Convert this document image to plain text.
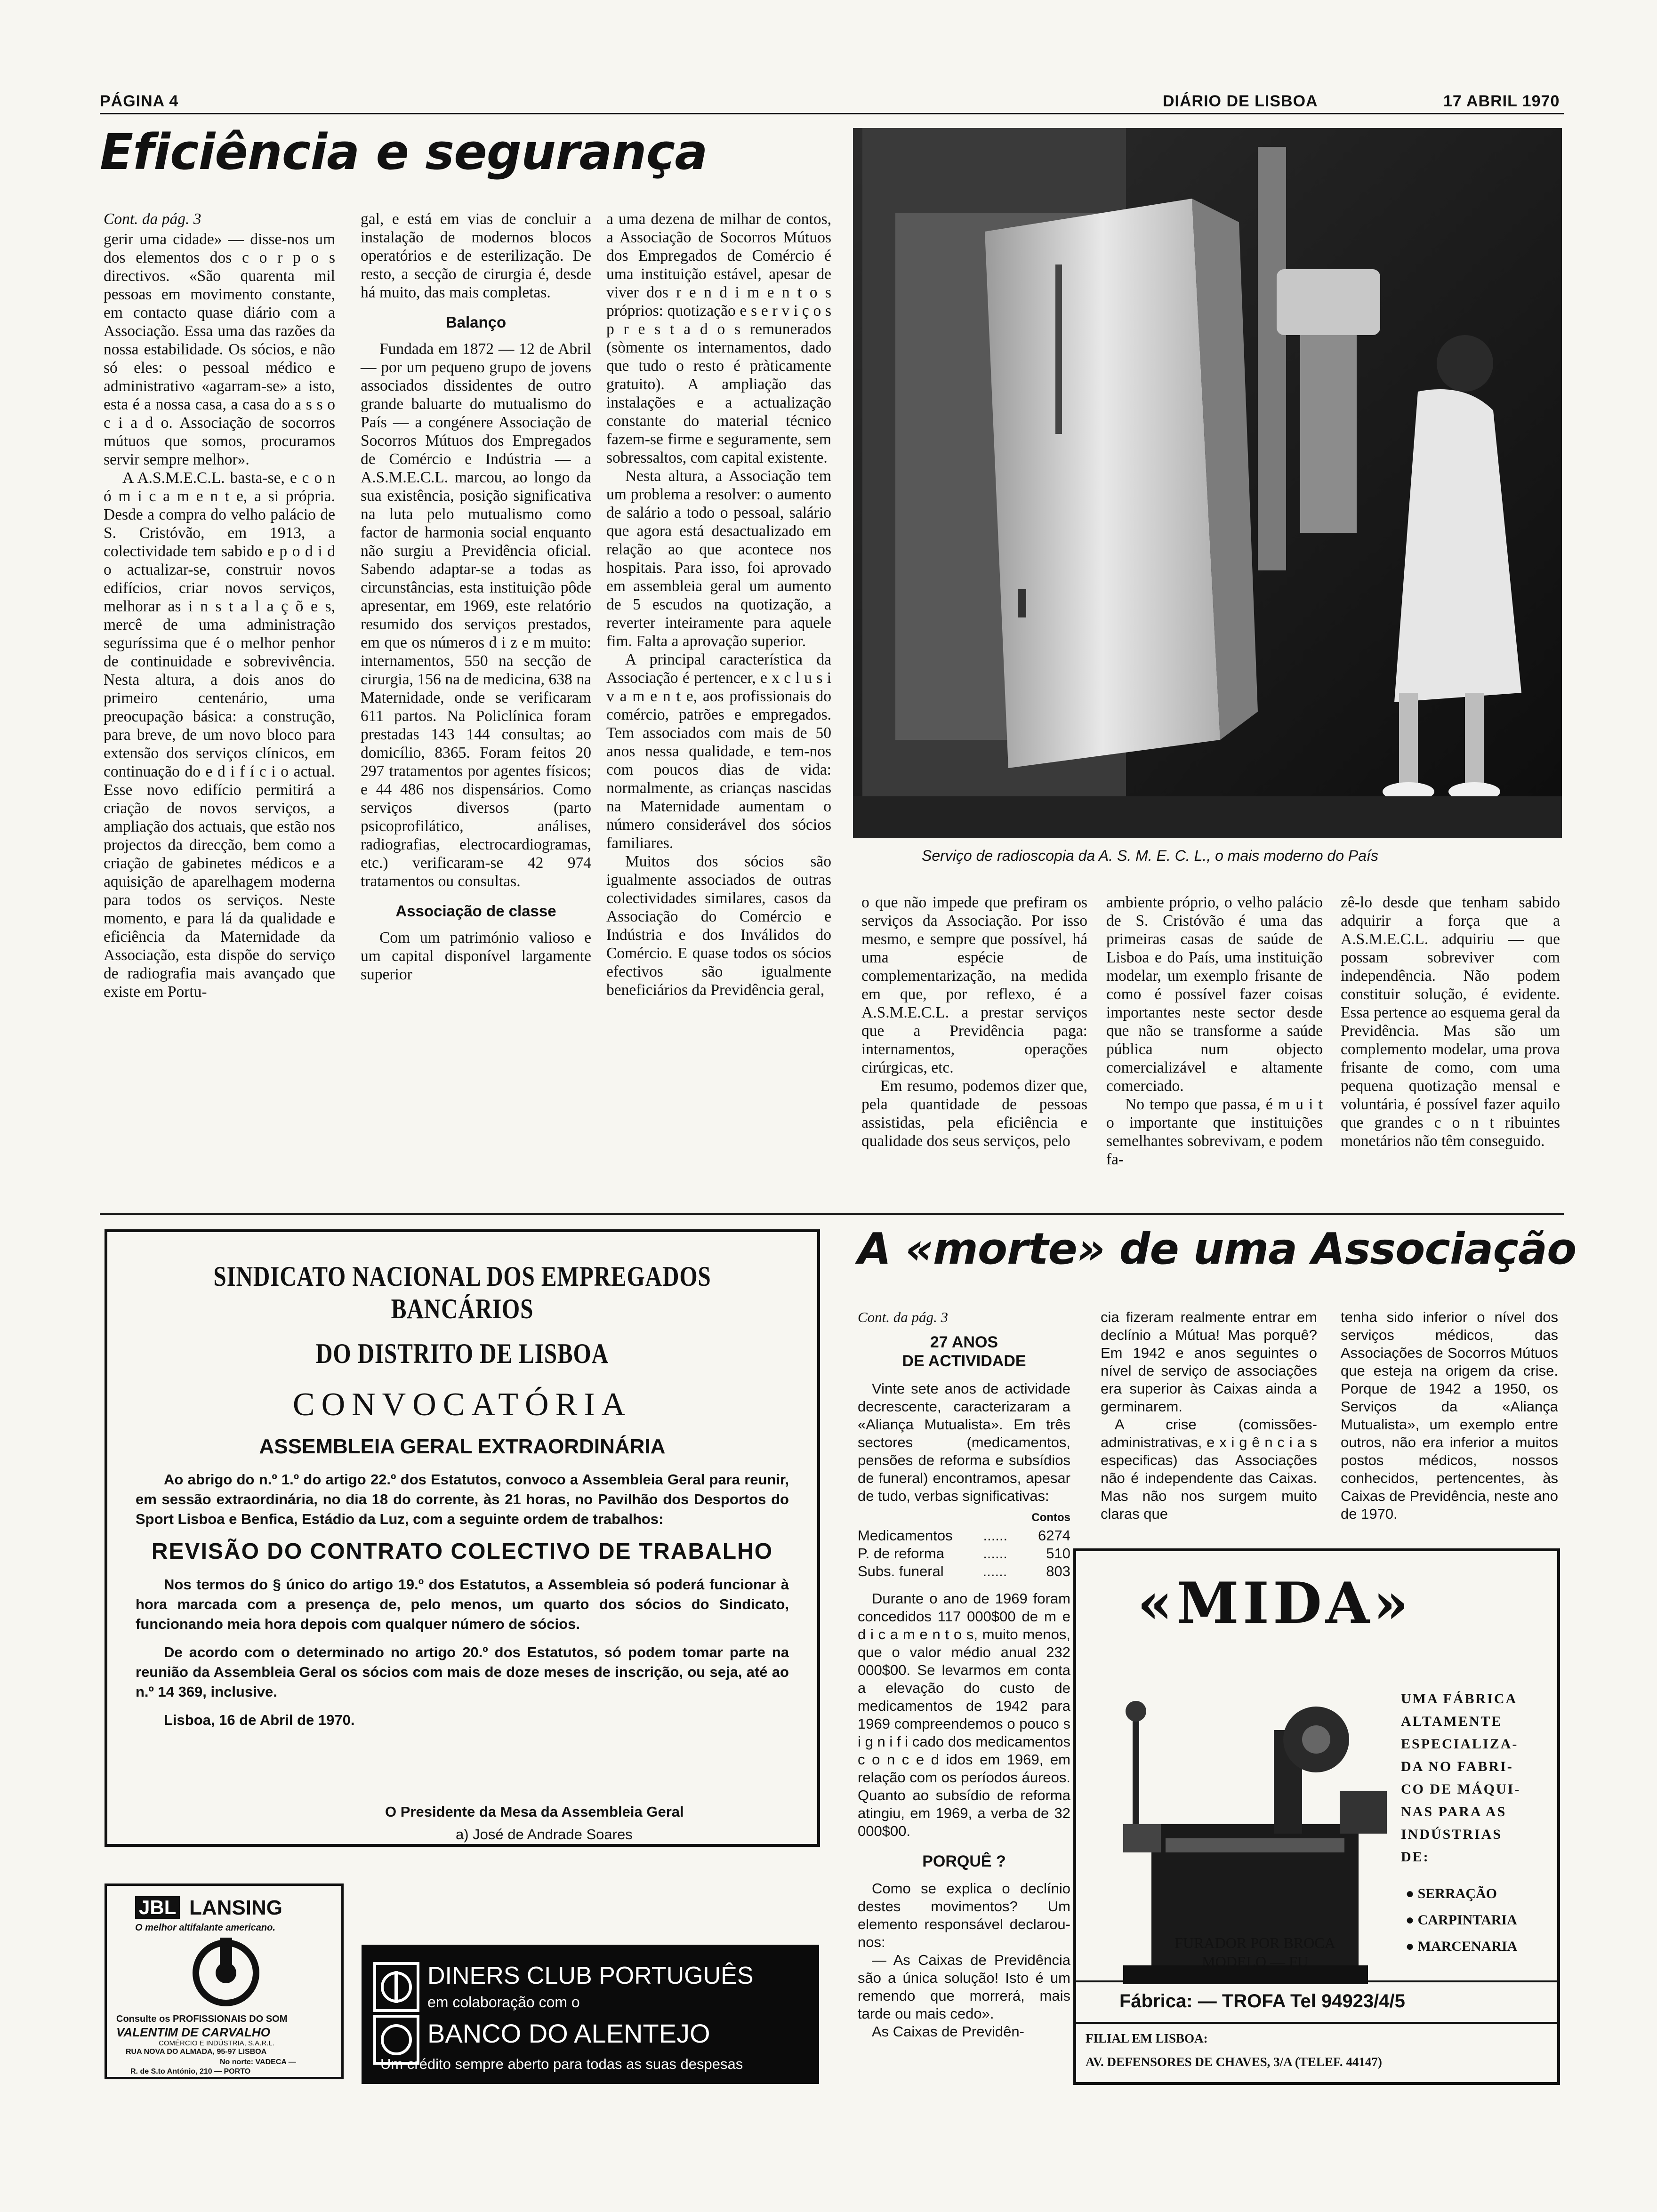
PÁGINA 4	DIÁRIO DE LISBOA	17 ABRIL 1970
Eficiência e segurança

Cont. da pág. 3

gerir uma cidade» — disse-nos um dos elementos dos c o r p o s directivos. «São quarenta mil pessoas em movimento constante, em contacto quase diário com a Associação. Essa uma das razões da nossa estabilidade. Os sócios, e não só eles: o pessoal médico e administrativo «agarram-se» a isto, esta é a nossa casa, a casa do a s s o c i a d o. Associação de socorros mútuos que somos, procuramos servir sempre melhor».

A A.S.M.E.C.L. basta-se, e c o n ó m i c a m e n t e, a si própria. Desde a compra do velho palácio de S. Cristóvão, em 1913, a colectividade tem sabido e p o d i d o actualizar-se, construir novos edifícios, criar novos serviços, melhorar as i n s t a l a ç õ e s, mercê de uma administração seguríssima que é o melhor penhor de continuidade e sobrevivência. Nesta altura, a dois anos do primeiro centenário, uma preocupação básica: a construção, para breve, de um novo bloco para extensão dos serviços clínicos, em continuação do e d i f í c i o actual. Esse novo edifício permitirá a criação de novos serviços, a ampliação dos actuais, que estão nos projectos da direcção, bem como a criação de gabinetes médicos e a aquisição de aparelhagem moderna para todos os serviços. Neste momento, e para lá da qualidade e eficiência da Maternidade da Associação, esta dispõe do serviço de radiografia mais avançado que existe em Portu-

gal, e está em vias de concluir a instalação de modernos blocos operatórios e de esterilização. De resto, a secção de cirurgia é, desde há muito, das mais completas.

Balanço

Fundada em 1872 — 12 de Abril — por um pequeno grupo de jovens associados dissidentes de outro grande baluarte do mutualismo do País — a congénere Associação de Socorros Mútuos dos Empregados de Comércio e Indústria — a A.S.M.E.C.L. marcou, ao longo da sua existência, posição significativa na luta pelo mutualismo como factor de harmonia social enquanto não surgiu a Previdência oficial. Sabendo adaptar-se a todas as circunstâncias, esta instituição pôde apresentar, em 1969, este relatório resumido dos serviços prestados, em que os números d i z e m muito: internamentos, 550 na secção de cirurgia, 156 na de medicina, 638 na Maternidade, onde se verificaram 611 partos. Na Policlínica foram prestadas 143 144 consultas; ao domicílio, 8365. Foram feitos 20 297 tratamentos por agentes físicos; e 44 486 nos dispensários. Como serviços diversos (parto psicoprofilático, análises, radiografias, electrocardiogramas, etc.) verificaram-se 42 974 tratamentos ou consultas.

Associação de classe

Com um património valioso e um capital disponível largamente superior

a uma dezena de milhar de contos, a Associação de Socorros Mútuos dos Empregados de Comércio é uma instituição estável, apesar de viver dos r e n d i m e n t o s próprios: quotização e s e r v i ç o s p r e s t a d o s remunerados (sòmente os internamentos, dado que tudo o resto é pràticamente gratuito). A ampliação das instalações e a actualização constante do material técnico fazem-se firme e seguramente, sem sobressaltos, com capital existente.

Nesta altura, a Associação tem um problema a resolver: o aumento de salário a todo o pessoal, salário que agora está desactualizado em relação ao que acontece nos hospitais. Para isso, foi aprovado em assembleia geral um aumento de 5 escudos na quotização, a reverter inteiramente para aquele fim. Falta a aprovação superior.

A principal característica da Associação é pertencer, e x c l u s i v a m e n t e, aos profissionais do comércio, patrões e empregados. Tem associados com mais de 50 anos nessa qualidade, e tem-nos com poucos dias de vida: normalmente, as crianças nascidas na Maternidade aumentam o número considerável dos sócios familiares.

Muitos dos sócios são igualmente associados de outras colectividades similares, casos da Associação do Comércio e Indústria e dos Inválidos do Comércio. E quase todos os sócios efectivos são igualmente beneficiários da Previdência geral,

Serviço de radioscopia da A. S. M. E. C. L., o mais moderno do País

o que não impede que prefiram os serviços da Associação. Por isso mesmo, e sempre que possível, há uma espécie de complementarização, na medida em que, por reflexo, é a A.S.M.E.C.L. a prestar serviços que a Previdência paga: internamentos, operações cirúrgicas, etc.

Em resumo, podemos dizer que, pela quantidade de pessoas assistidas, pela eficiência e qualidade dos seus serviços, pelo

ambiente próprio, o velho palácio de S. Cristóvão é uma das primeiras casas de saúde de Lisboa e do País, uma instituição modelar, um exemplo frisante de como é possível fazer coisas importantes neste sector desde que não se transforme a saúde pública num objecto comercializável e altamente comerciado.

No tempo que passa, é m u i t o importante que instituições semelhantes sobrevivam, e podem fa-

zê-lo desde que tenham sabido adquirir a força que a A.S.M.E.C.L. adquiriu — que possam sobreviver com independência. Não podem constituir solução, é evidente. Essa pertence ao esquema geral da Previdência. Mas são um complemento modelar, uma prova frisante de como, com uma pequena quotização mensal e voluntária, é possível fazer aquilo que grandes c o n t ribuintes monetários não têm conseguido.

SINDICATO NACIONAL DOS EMPREGADOS BANCÁRIOS
DO DISTRITO DE LISBOA
CONVOCATÓRIA
ASSEMBLEIA GERAL EXTRAORDINÁRIA

Ao abrigo do n.º 1.º do artigo 22.º dos Estatutos, convoco a Assembleia Geral para reunir, em sessão extraordinária, no dia 18 do corrente, às 21 horas, no Pavilhão dos Desportos do Sport Lisboa e Benfica, Estádio da Luz, com a seguinte ordem de trabalhos:

REVISÃO DO CONTRATO COLECTIVO DE TRABALHO

Nos termos do § único do artigo 19.º dos Estatutos, a Assembleia só poderá funcionar à hora marcada com a presença de, pelo menos, um quarto dos sócios do Sindicato, funcionando meia hora depois com qualquer número de sócios.

De acordo com o determinado no artigo 20.º dos Estatutos, só podem tomar parte na reunião da Assembleia Geral os sócios com mais de doze meses de inscrição, ou seja, até ao n.º 14 369, inclusive.

Lisboa, 16 de Abril de 1970.

O Presidente da Mesa da Assembleia Geral
a) José de Andrade Soares
A «morte» de uma Associação
Cont. da pág. 3
27 ANOS
DE ACTIVIDADE

Vinte sete anos de actividade decrescente, caracterizaram a «Aliança Mutualista». Em três sectores (medicamentos, pensões de reforma e subsídios de funeral) encontramos, apesar de tudo, verbas significativas:

Contos
Medicamentos ...... 6274
P. de reforma	......	510
Subs. funeral	......	803

Durante o ano de 1969 foram concedidos 117 000$00 de m e d i c a m e n t o s, muito menos, que o valor médio anual 232 000$00. Se levarmos em conta a elevação do custo de medicamentos de 1942 para 1969 compreendemos o pouco s i g n i f i cado dos medicamentos c o n c e d idos em 1969, em relação com os períodos áureos. Quanto ao subsídio de reforma atingiu, em 1969, a verba de 32 000$00.

PORQUÊ ?

Como se explica o declínio destes movimentos? Um elemento responsável declarou-nos:

— As Caixas de Previdência são a única solução! Isto é um remendo que morrerá, mais tarde ou mais cedo».

As Caixas de Previdên-

cia fizeram realmente entrar em declínio a Mútua! Mas porquê? Em 1942 e anos seguintes o nível de serviço de associações era superior às Caixas ainda a germinarem.

A crise (comissões-administrativas, e x i g ê n c i a s especificas) das Associações não é independente das Caixas. Mas não nos surgem muito claras que

tenha sido inferior o nível dos serviços médicos, das Associações de Socorros Mútuos que esteja na origem da crise. Porque de 1942 a 1950, os Serviços da «Aliança Mutualista», um exemplo entre outros, não era inferior a muitos postos médicos, nossos conhecidos, pertencentes, às Caixas de Previdência, neste ano de 1970.

«MIDA»
UMA FÁBRICA
ALTAMENTE
ESPECIALIZA-
DA NO FABRI-
CO DE MÁQUI-
NAS PARA AS
INDÚSTRIAS
DE:
● SERRAÇÃO
● CARPINTARIA
● MARCENARIA
FURADOR POR BROCA
MODELO — FU
Fábrica: — TROFA Tel 94923/4/5
FILIAL EM LISBOA:
AV. DEFENSORES DE CHAVES, 3/A (TELEF. 44147)
JBL LANSING
O melhor altifalante americano.
Consulte os PROFISSIONAIS DO SOM
VALENTIM DE CARVALHO
COMÉRCIO E INDÚSTRIA, S.A.R.L.
RUA NOVA DO ALMADA, 95-97 LISBOA
No norte: VADECA —
R. de S.to António, 210 — PORTO
DINERS CLUB PORTUGUÊS
em colaboração com o
BANCO DO ALENTEJO
Um crédito sempre aberto para todas as suas despesas
